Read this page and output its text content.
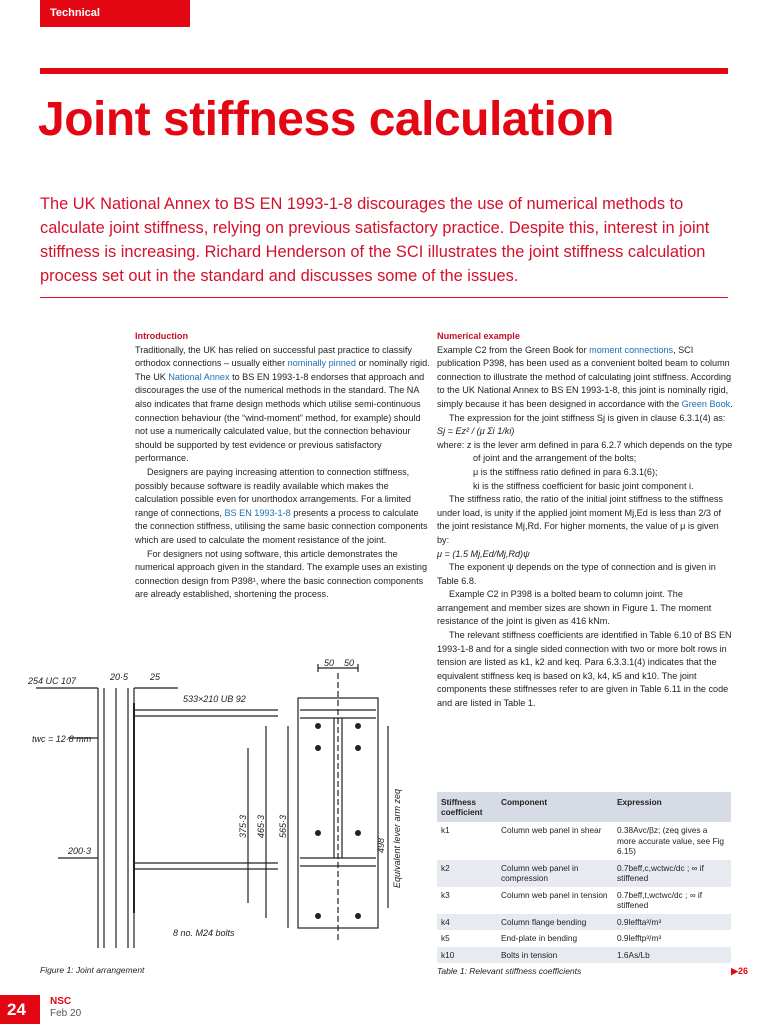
Technical
Joint stiffness calculation

The UK National Annex to BS EN 1993-1-8 discourages the use of numerical methods to calculate joint stiffness, relying on previous satisfactory practice. Despite this, interest in joint stiffness is increasing. Richard Henderson of the SCI illustrates the joint stiffness calculation process set out in the standard and discusses some of the issues.

Introduction

Traditionally, the UK has relied on successful past practice to classify orthodox connections – usually either nominally pinned or nominally rigid. The UK National Annex to BS EN 1993-1-8 endorses that approach and discourages the use of the numerical methods in the standard. The NA also indicates that frame design methods which utilise semi-continuous connection behaviour (the “wind-moment” method, for example) should not use a numerically calculated value, but the connection behaviour should be supported by test evidence or previous satisfactory performance.

Designers are paying increasing attention to connection stiffness, possibly because software is readily available which makes the calculation possible even for unorthodox arrangements. For a limited range of connections, BS EN 1993-1-8 presents a process to calculate the connection stiffness, utilising the same basic connection components which are used to calculate the moment resistance of the joint.

For designers not using software, this article demonstrates the numerical approach given in the standard. The example uses an existing connection design from P398¹, where the basic connection components are already established, shortening the process.

Numerical example

Example C2 from the Green Book for moment connections, SCI publication P398, has been used as a convenient bolted beam to column connection to illustrate the method of calculating joint stiffness. According to the UK National Annex to BS EN 1993-1-8, this joint is nominally rigid, simply because it has been designed in accordance with the Green Book.

The expression for the joint stiffness Sj is given in clause 6.3.1(4) as:

Sj = Ez² / (μ Σi 1/ki)

where: z is the lever arm defined in para 6.2.7 which depends on the type of joint and the arrangement of the bolts;

μ is the stiffness ratio defined in para 6.3.1(6);

ki is the stiffness coefficient for basic joint component i.

The stiffness ratio, the ratio of the initial joint stiffness to the stiffness under load, is unity if the applied joint moment Mj,Ed is less than 2/3 of the joint resistance Mj,Rd. For higher moments, the value of μ is given by:

μ = (1.5 Mj,Ed/Mj,Rd)ψ

The exponent ψ depends on the type of connection and is given in Table 6.8.

Example C2 in P398 is a bolted beam to column joint. The arrangement and member sizes are shown in Figure 1. The moment resistance of the joint is given as 416 kNm.

The relevant stiffness coefficients are identified in Table 6.10 of BS EN 1993-1-8 and for a single sided connection with two or more bolt rows in tension are listed as k1, k2 and keq. Para 6.3.3.1(4) indicates that the equivalent stiffness keq is based on k3, k4, k5 and k10. The joint components these stiffnesses refer to are given in Table 6.11 in the code and are listed in Table 1.

254 UC 107	20·5 25
533×210 UB 92
50 50
twc = 12·8 mm
200·3
8 no. M24 bolts
565·3
465·3
375·3
498 Equivalent lever arm zeq
Figure 1: Joint arrangement
Stiffness coefficient	Component	Expression
k1	Column web panel in shear	0.38Avc/βz; (zeq gives a more accurate value, see Fig 6.15)
k2	Column web panel in compression	0.7beff,c,wctwc/dc ; ∞ if stiffened
k3	Column web panel in tension	0.7beff,t,wctwc/dc ; ∞ if stiffened
k4	Column flange bending	0.9leffta³/m³
k5	End-plate in bending	0.9lefftp³/m³
k10	Bolts in tension	1.6As/Lb
Table 1: Relevant stiffness coefficients	▶26
24 NSC
Feb 20
